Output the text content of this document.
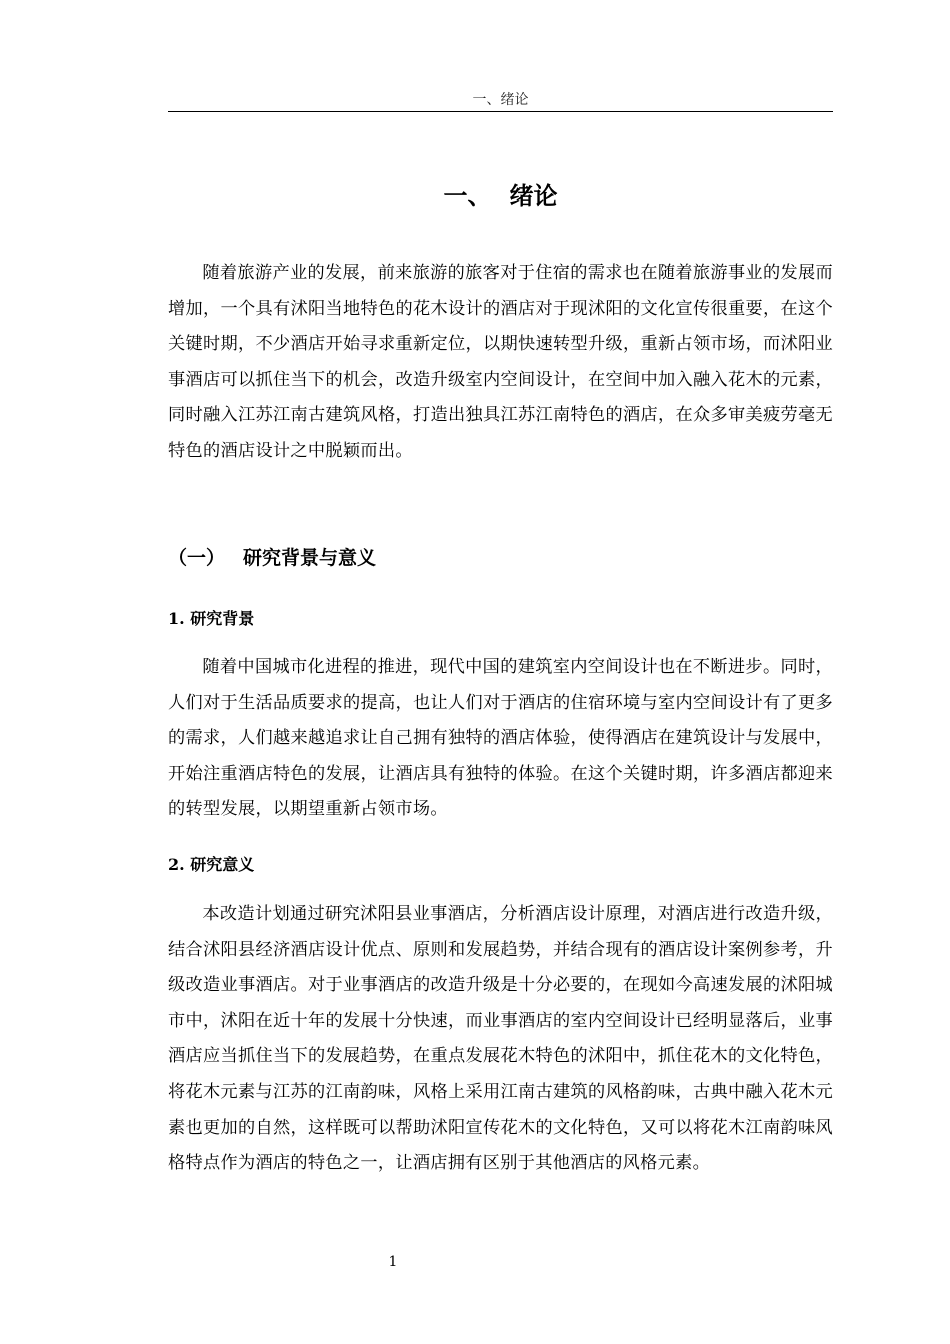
一、绪论
一、 绪论

随着旅游产业的发展，前来旅游的旅客对于住宿的需求也在随着旅游事业的发展而增加，一个具有沭阳当地特色的花木设计的酒店对于现沭阳的文化宣传很重要，在这个关键时期，不少酒店开始寻求重新定位，以期快速转型升级，重新占领市场，而沭阳业事酒店可以抓住当下的机会，改造升级室内空间设计，在空间中加入融入花木的元素，同时融入江苏江南古建筑风格，打造出独具江苏江南特色的酒店，在众多审美疲劳毫无特色的酒店设计之中脱颖而出。

（一） 研究背景与意义
1. 研究背景

随着中国城市化进程的推进，现代中国的建筑室内空间设计也在不断进步。同时，人们对于生活品质要求的提高，也让人们对于酒店的住宿环境与室内空间设计有了更多的需求，人们越来越追求让自己拥有独特的酒店体验，使得酒店在建筑设计与发展中，开始注重酒店特色的发展，让酒店具有独特的体验。在这个关键时期，许多酒店都迎来的转型发展，以期望重新占领市场。

2. 研究意义

本改造计划通过研究沭阳县业事酒店，分析酒店设计原理，对酒店进行改造升级，结合沭阳县经济酒店设计优点、原则和发展趋势，并结合现有的酒店设计案例参考，升级改造业事酒店。对于业事酒店的改造升级是十分必要的，在现如今高速发展的沭阳城市中，沭阳在近十年的发展十分快速，而业事酒店的室内空间设计已经明显落后，业事酒店应当抓住当下的发展趋势，在重点发展花木特色的沭阳中，抓住花木的文化特色，将花木元素与江苏的江南韵味，风格上采用江南古建筑的风格韵味，古典中融入花木元素也更加的自然，这样既可以帮助沭阳宣传花木的文化特色，又可以将花木江南韵味风格特点作为酒店的特色之一，让酒店拥有区别于其他酒店的风格元素。

1
